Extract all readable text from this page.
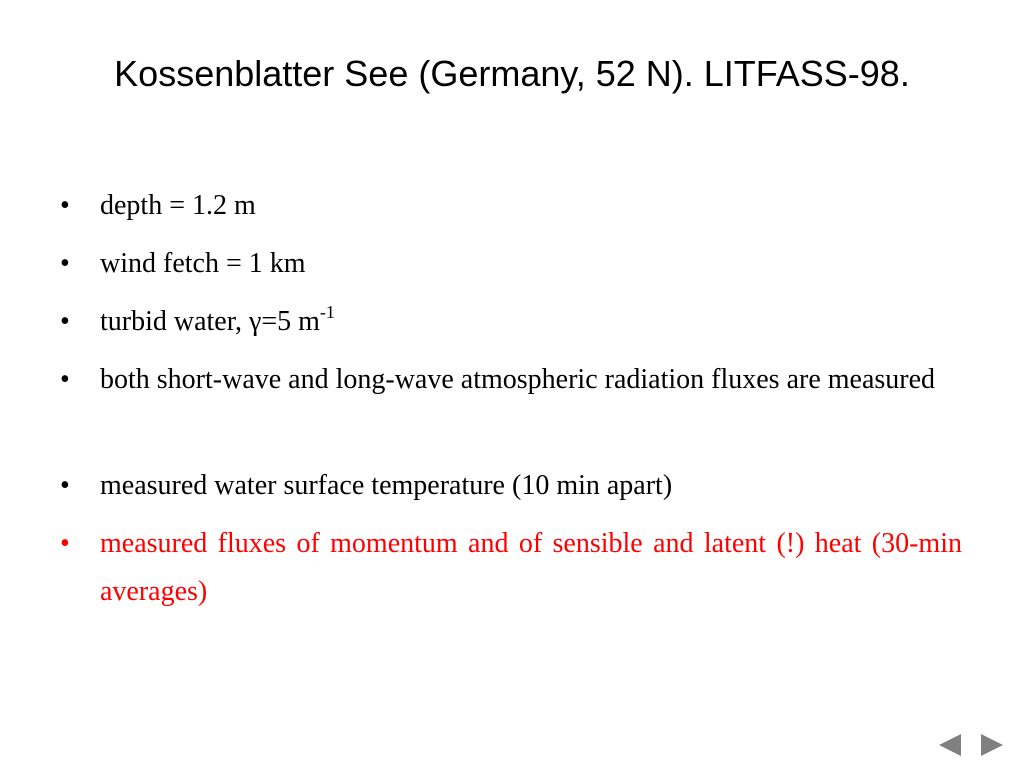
Kossenblatter See (Germany, 52 N). LITFASS-98.
•	depth = 1.2 m
•	wind fetch = 1 km
•	turbid water, γ=5 $m^{-1}$
•	both short-wave and long-wave atmospheric radiation fluxes are measured
•	measured water surface temperature (10 min apart)
•	measured fluxes of momentum and of sensible and latent (!) heat (30-min averages)
